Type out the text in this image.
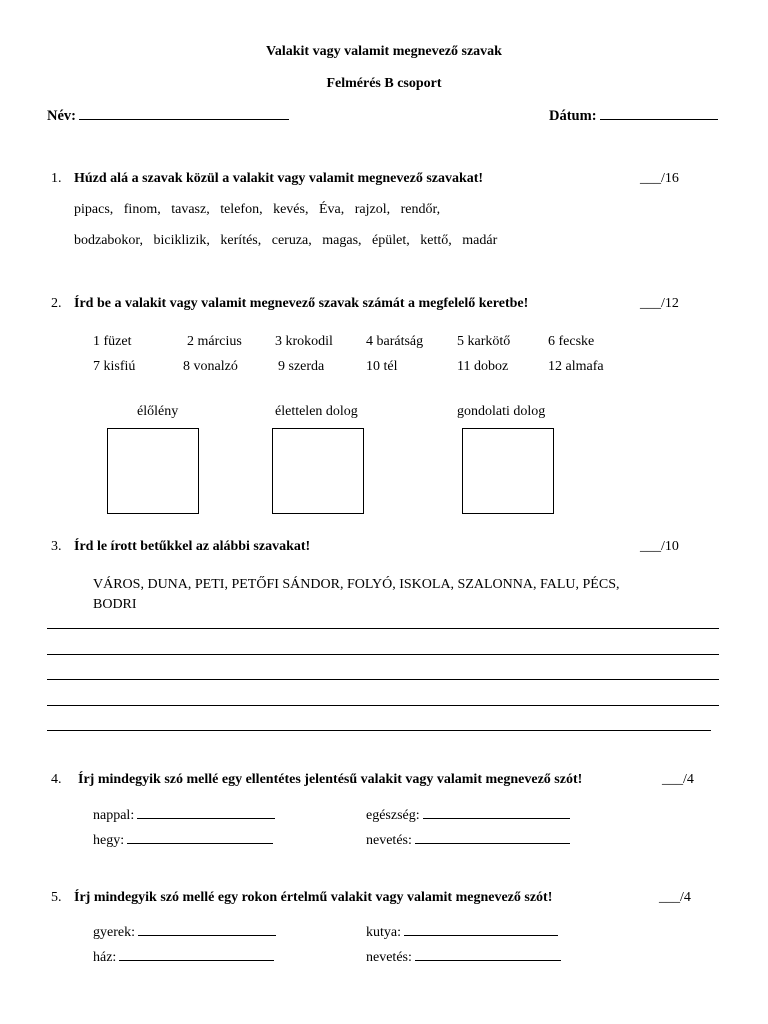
Valakit vagy valamit megnevező szavak
Felmérés B csoport
Név:	Dátum:
1. Húzd alá a szavak közül a valakit vagy valamit megnevező szavakat!	___/16
pipacs, finom, tavasz, telefon, kevés, Éva, rajzol, rendőr,
bodzabokor, biciklizik, kerítés, ceruza, magas, épület, kettő, madár
2. Írd be a valakit vagy valamit megnevező szavak számát a megfelelő keretbe!	___/12
1 füzet	2 március 3 krokodil 4 barátság 5 karkötő	6 fecske
7 kisfiú	8 vonalzó	9 szerda	10 tél	11 doboz	12 almafa
élőlény	élettelen dolog	gondolati dolog
3. Írd le írott betűkkel az alábbi szavakat!	___/10
VÁROS, DUNA, PETI, PETŐFI SÁNDOR, FOLYÓ, ISKOLA, SZALONNA, FALU, PÉCS,
BODRI
4. Írj mindegyik szó mellé egy ellentétes jelentésű valakit vagy valamit megnevező szót!	___/4
nappal:	egészség:
hegy:	nevetés:
5. Írj mindegyik szó mellé egy rokon értelmű valakit vagy valamit megnevező szót!	___/4
gyerek:	kutya:
ház:	nevetés:
